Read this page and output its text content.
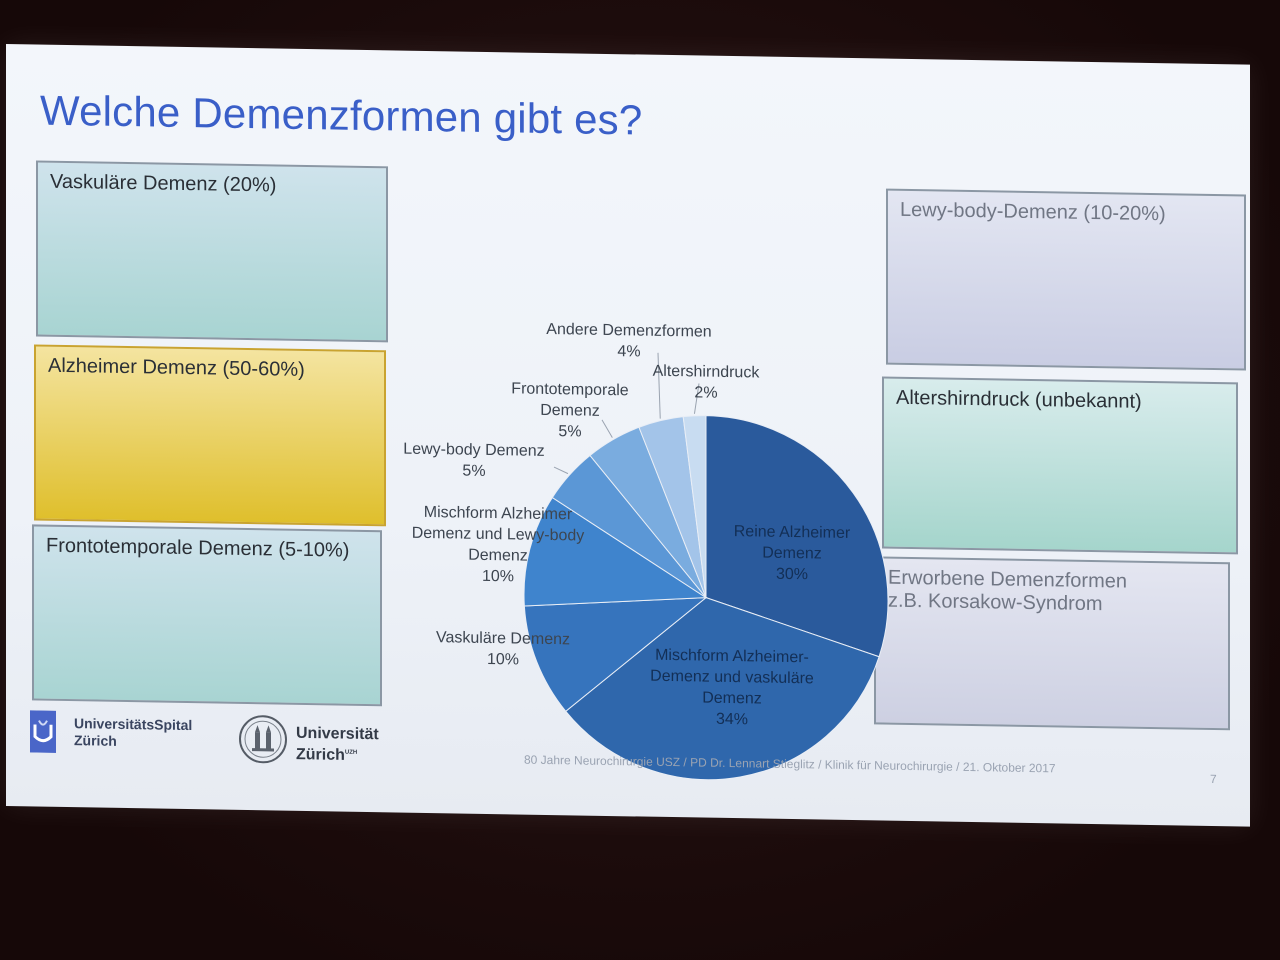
Welche Demenzformen gibt es?
Vaskuläre Demenz (20%)
Alzheimer Demenz (50-60%)
Frontotemporale Demenz (5-10%)
Lewy-body-Demenz (10-20%)
Altershirndruck (unbekannt)
Erworbene Demenzformen
z.B. Korsakow-Syndrom
Reine AlzheimerDemenz30%
Mischform Alzheimer-Demenz und vaskuläreDemenz34%
Vaskuläre Demenz10%
Mischform AlzheimerDemenz und Lewy-bodyDemenz10%
Lewy-body Demenz5%
FrontotemporaleDemenz5%
Andere Demenzformen4%
Altershirndruck2%
UniversitätsSpital
Zürich	Universität
Zürich$^{UZH}$	80 Jahre Neurochirurgie USZ / PD Dr. Lennart Stieglitz / Klinik für Neurochirurgie / 21. Oktober 2017
7
